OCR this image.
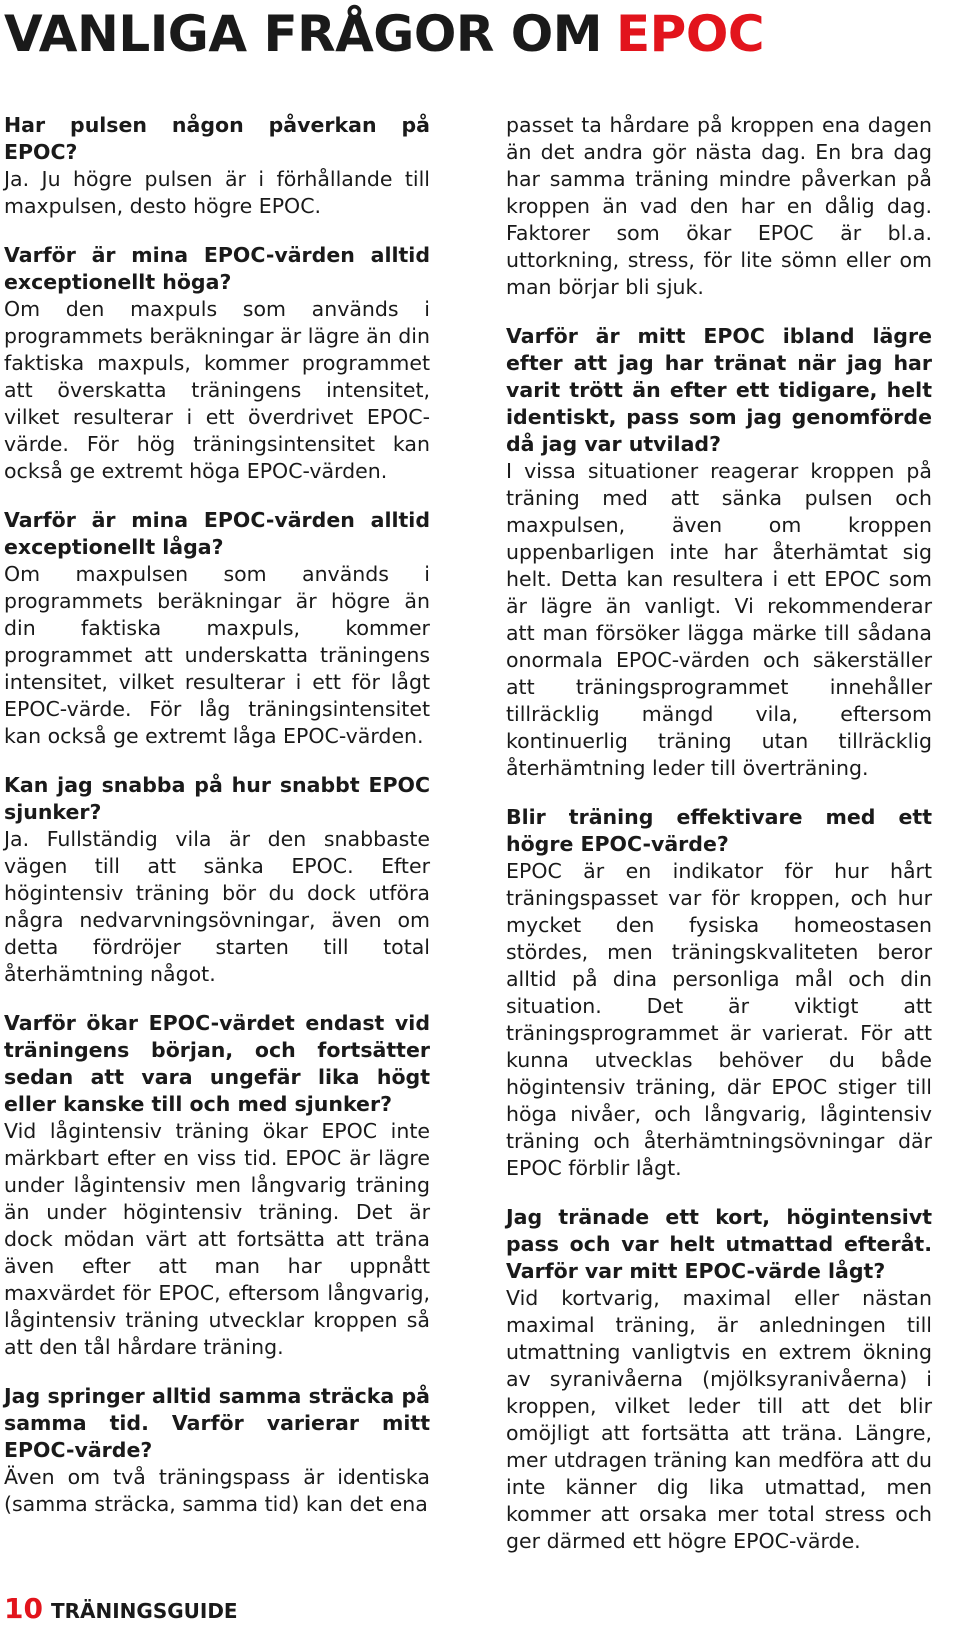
VANLIGA FRÅGOR OM EPOC

Har pulsen någon påverkan på EPOC?

Ja. Ju högre pulsen är i förhållande till maxpulsen, desto högre EPOC.

Varför är mina EPOC-värden alltid exceptionellt höga?

Om den maxpuls som används i programmets beräkningar är lägre än din faktiska maxpuls, kommer programmet att överskatta träningens intensitet, vilket resulterar i ett överdrivet EPOC-värde. För hög träningsintensitet kan också ge extremt höga EPOC-värden.

Varför är mina EPOC-värden alltid exceptionellt låga?

Om maxpulsen som används i programmets beräkningar är högre än din faktiska maxpuls, kommer programmet att underskatta träningens intensitet, vilket resulterar i ett för lågt EPOC-värde. För låg träningsintensitet kan också ge extremt låga EPOC-värden.

Kan jag snabba på hur snabbt EPOC sjunker?

Ja. Fullständig vila är den snabbaste vägen till att sänka EPOC. Efter högintensiv träning bör du dock utföra några nedvarvningsövningar, även om detta fördröjer starten till total återhämtning något.

Varför ökar EPOC-värdet endast vid träningens början, och fortsätter sedan att vara ungefär lika högt eller kanske till och med sjunker?

Vid lågintensiv träning ökar EPOC inte märkbart efter en viss tid. EPOC är lägre under lågintensiv men långvarig träning än under högintensiv träning. Det är dock mödan värt att fortsätta att träna även efter att man har uppnått maxvärdet för EPOC, eftersom långvarig, lågintensiv träning utvecklar kroppen så att den tål hårdare träning.

Jag springer alltid samma sträcka på samma tid. Varför varierar mitt EPOC-värde?

Även om två träningspass är identiska (samma sträcka, samma tid) kan det ena

passet ta hårdare på kroppen ena dagen än det andra gör nästa dag. En bra dag har samma träning mindre påverkan på kroppen än vad den har en dålig dag. Faktorer som ökar EPOC är bl.a. uttorkning, stress, för lite sömn eller om man börjar bli sjuk.

Varför är mitt EPOC ibland lägre efter att jag har tränat när jag har varit trött än efter ett tidigare, helt identiskt, pass som jag genomförde då jag var utvilad?

I vissa situationer reagerar kroppen på träning med att sänka pulsen och maxpulsen, även om kroppen uppenbarligen inte har återhämtat sig helt. Detta kan resultera i ett EPOC som är lägre än vanligt. Vi rekommenderar att man försöker lägga märke till sådana onormala EPOC-värden och säkerställer att träningsprogrammet innehåller tillräcklig mängd vila, eftersom kontinuerlig träning utan tillräcklig återhämtning leder till överträning.

Blir träning effektivare med ett högre EPOC-värde?

EPOC är en indikator för hur hårt träningspasset var för kroppen, och hur mycket den fysiska homeostasen stördes, men träningskvaliteten beror alltid på dina personliga mål och din situation. Det är viktigt att träningsprogrammet är varierat. För att kunna utvecklas behöver du både högintensiv träning, där EPOC stiger till höga nivåer, och långvarig, lågintensiv träning och återhämtningsövningar där EPOC förblir lågt.

Jag tränade ett kort, högintensivt pass och var helt utmattad efteråt. Varför var mitt EPOC-värde lågt?

Vid kortvarig, maximal eller nästan maximal träning, är anledningen till utmattning vanligtvis en extrem ökning av syranivåerna (mjölksyranivåerna) i kroppen, vilket leder till att det blir omöjligt att fortsätta att träna. Längre, mer utdragen träning kan medföra att du inte känner dig lika utmattad, men kommer att orsaka mer total stress och ger därmed ett högre EPOC-värde.

10 TRÄNINGSGUIDE
